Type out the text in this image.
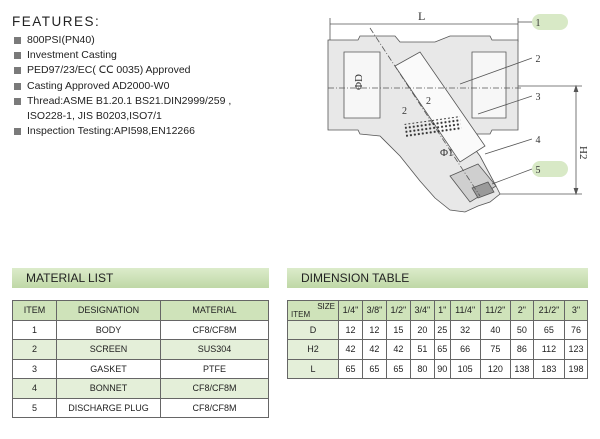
FEATURES:
800PSI(PN40)
Investment Casting
PED97/23/EC( ⅭⅭ 0035) Approved
Casting Approved AD2000-W0
Thread:ASME B1.20.1 BS21.DIN2999/259 ,
ISO228-1, JIS B0203,ISO7/1
Inspection Testing:API598,EN12266
1
2
3
4
5
L
H2
ΦD
Φ1
2
2
MATERIAL LIST
ITEM	DESIGNATION	MATERIAL
1	BODY	CF8/CF8M
2	SCREEN	SUS304
3	GASKET	PTFE
4	BONNET	CF8/CF8M
5	DISCHARGE PLUG	CF8/CF8M
DIMENSION TABLE
SIZE
ITEM	1/4"	3/8"	1/2"	3/4"	1"	11/4"	11/2"	2"	21/2"	3"
D	12	12	15	20	25	32	40	50	65	76
H2	42	42	42	51	65	66	75	86	112	123
L	65	65	65	80	90	105	120	138	183	198
